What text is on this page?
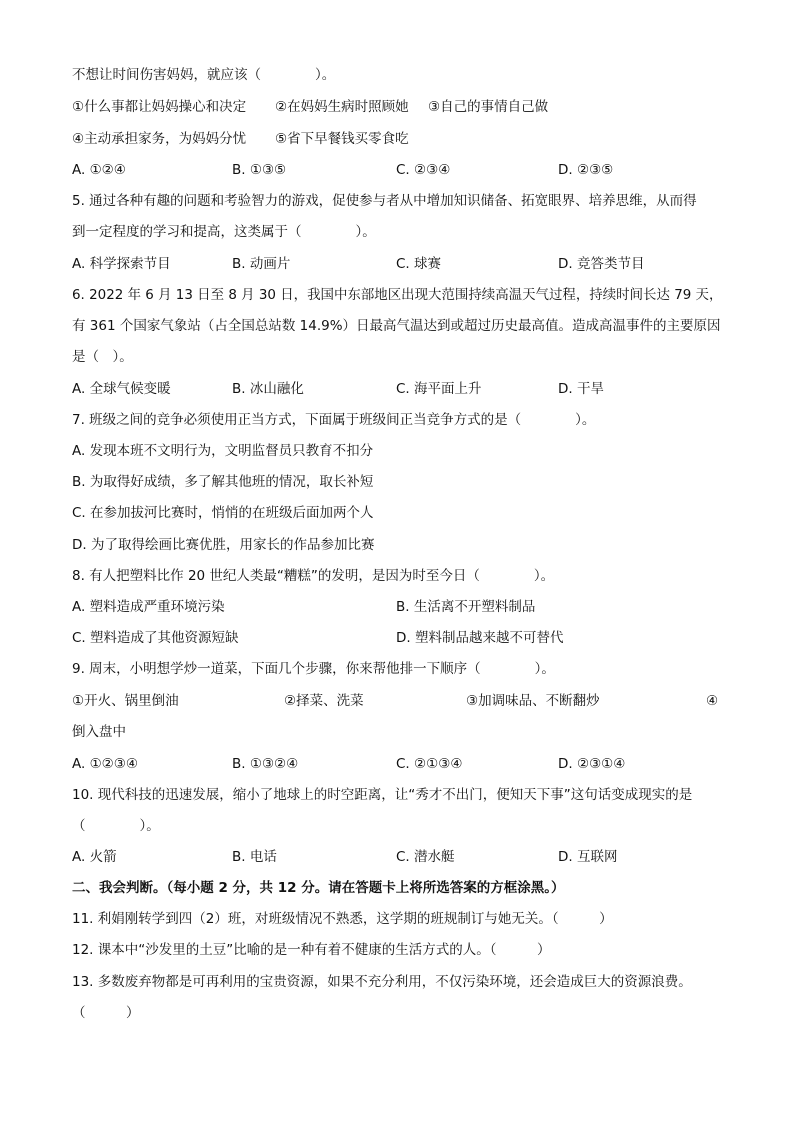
不想让时间伤害妈妈，就应该（　　　　）。
①什么事都让妈妈操心和决定 ②在妈妈生病时照顾她 ③自己的事情自己做
④主动承担家务，为妈妈分忧 ⑤省下早餐钱买零食吃
A. ①②④	B. ①③⑤	C. ②③④	D. ②③⑤
5. 通过各种有趣的问题和考验智力的游戏，促使参与者从中增加知识储备、拓宽眼界、培养思维，从而得
到一定程度的学习和提高，这类属于（　　　　）。
A. 科学探索节目	B. 动画片	C. 球赛	D. 竞答类节目
6. 2022 年 6 月 13 日至 8 月 30 日，我国中东部地区出现大范围持续高温天气过程，持续时间长达 79 天，
有 361 个国家气象站（占全国总站数 14.9%）日最高气温达到或超过历史最高值。造成高温事件的主要原因
是（　）。
A. 全球气候变暖	B. 冰山融化	C. 海平面上升	D. 干旱
7. 班级之间的竞争必须使用正当方式，下面属于班级间正当竞争方式的是（　　　　）。
A. 发现本班不文明行为，文明监督员只教育不扣分
B. 为取得好成绩，多了解其他班的情况，取长补短
C. 在参加拔河比赛时，悄悄的在班级后面加两个人
D. 为了取得绘画比赛优胜，用家长的作品参加比赛
8. 有人把塑料比作 20 世纪人类最“糟糕”的发明，是因为时至今日（　　　　）。
A. 塑料造成严重环境污染	B. 生活离不开塑料制品
C. 塑料造成了其他资源短缺	D. 塑料制品越来越不可替代
9. 周末，小明想学炒一道菜，下面几个步骤，你来帮他排一下顺序（　　　　）。
①开火、锅里倒油	②择菜、洗菜	③加调味品、不断翻炒	④
倒入盘中
A. ①②③④	B. ①③②④	C. ②①③④	D. ②③①④
10. 现代科技的迅速发展，缩小了地球上的时空距离，让“秀才不出门，便知天下事”这句话变成现实的是
（　　　　）。
A. 火箭	B. 电话	C. 潜水艇	D. 互联网
二、我会判断。（每小题 2 分，共 12 分。请在答题卡上将所选答案的方框涂黑。）
11. 利娟刚转学到四（2）班，对班级情况不熟悉，这学期的班规制订与她无关。（　　　）
12. 课本中“沙发里的土豆”比喻的是一种有着不健康的生活方式的人。（　　　）
13. 多数废弃物都是可再利用的宝贵资源，如果不充分利用，不仅污染环境，还会造成巨大的资源浪费。
（　　　）
